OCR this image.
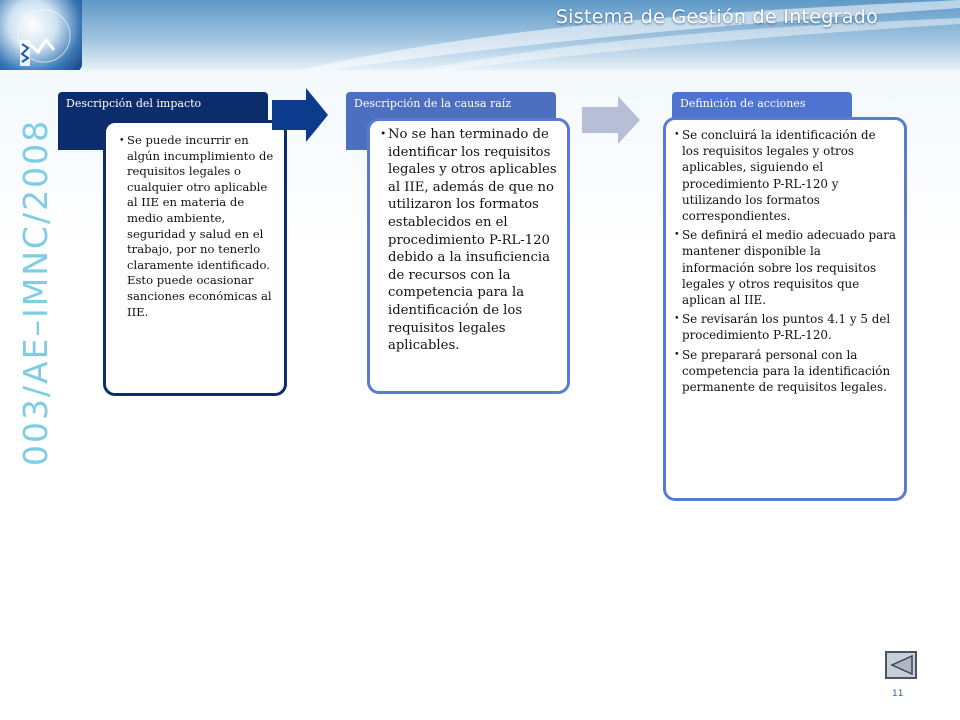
Sistema de Gestión de Integrado
003/AE–IMNC/2008
Descripción del impacto
• Se puede incurrir en algún incumplimiento de requisitos legales o cualquier otro aplicable al IIE en materia de medio ambiente, seguridad y salud en el trabajo, por no tenerlo claramente identificado. Esto puede ocasionar sanciones económicas al IIE.
Descripción de la causa raíz
• No se han terminado de identificar los requisitos legales y otros aplicables al IIE, además de que no utilizaron los formatos establecidos en el procedimiento P-RL-120 debido a la insuficiencia de recursos con la competencia para la identificación de los requisitos legales aplicables.
Definición de acciones
• Se concluirá la identificación de los requisitos legales y otros aplicables, siguiendo el procedimiento P-RL-120 y utilizando los formatos correspondientes.
• Se definirá el medio adecuado para mantener disponible la información sobre los requisitos legales y otros requisitos que aplican al IIE.
• Se revisarán los puntos 4.1 y 5 del procedimiento P-RL-120.
• Se preparará personal con la competencia para la identificación permanente de requisitos legales.
11
